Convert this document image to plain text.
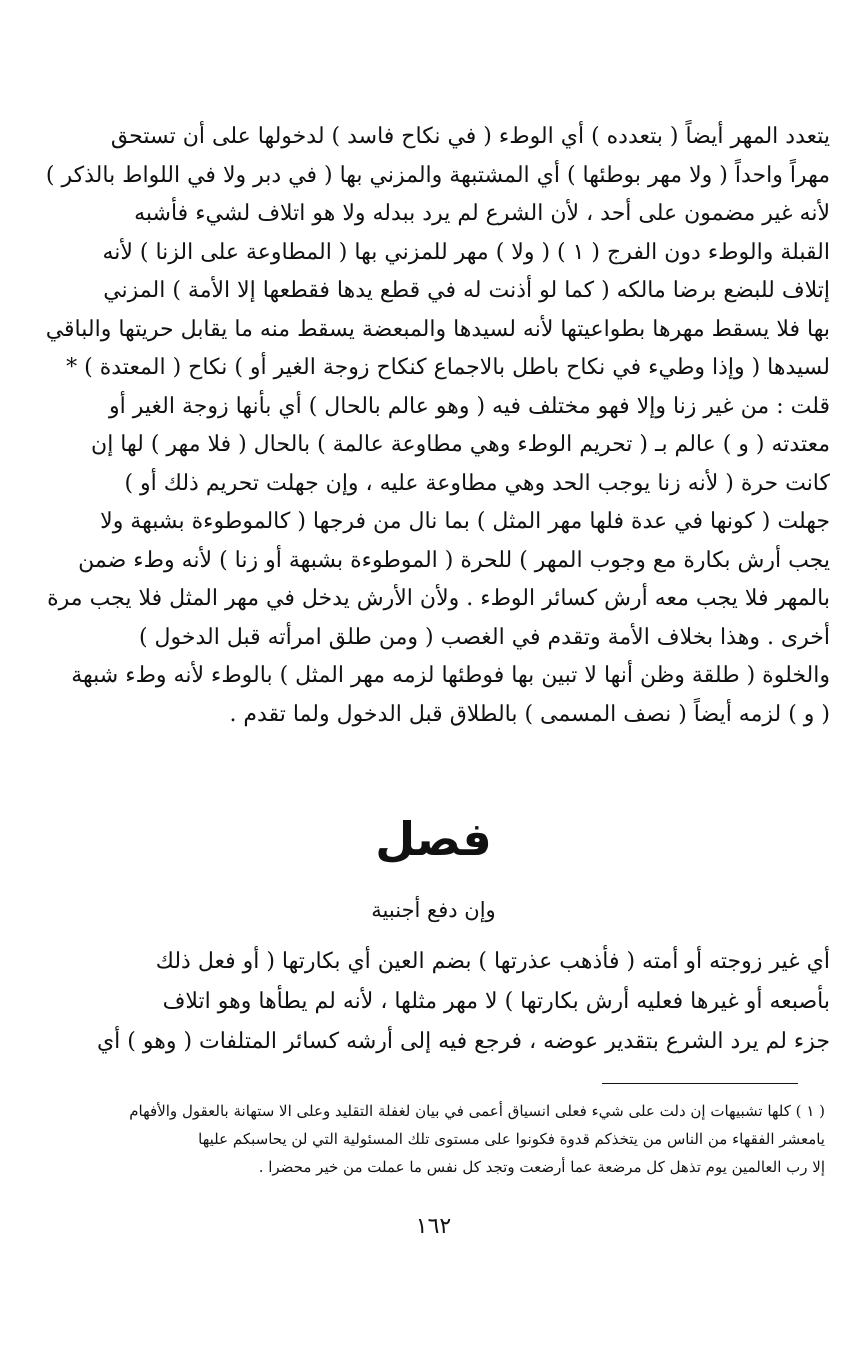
يتعدد المهر أيضاً ( بتعدده ) أي الوطء ( في نكاح فاسد ) لدخولها على أن تستحق
مهراً واحداً ( ولا مهر بوطئها ) أي المشتبهة والمزني بها ( في دبر ولا في اللواط بالذكر )
لأنه غير مضمون على أحد ، لأن الشرع لم يرد ببدله ولا هو اتلاف لشيء فأشبه
القبلة والوطء دون الفرج ( ١ ) ( ولا ) مهر للمزني بها ( المطاوعة على الزنا ) لأنه
إتلاف للبضع برضا مالكه ( كما لو أذنت له في قطع يدها فقطعها إلا الأمة ) المزني
بها فلا يسقط مهرها بطواعيتها لأنه لسيدها والمبعضة يسقط منه ما يقابل حريتها والباقي
لسيدها ( وإذا وطيء في نكاح باطل بالاجماع كنكاح زوجة الغير أو ) نكاح ( المعتدة ) *
قلت : من غير زنا وإلا فهو مختلف فيه ( وهو عالم بالحال ) أي بأنها زوجة الغير أو
معتدته ( و ) عالم بـ ( تحريم الوطء وهي مطاوعة عالمة ) بالحال ( فلا مهر ) لها إن
كانت حرة ( لأنه زنا يوجب الحد وهي مطاوعة عليه ، وإن جهلت تحريم ذلك أو )
جهلت ( كونها في عدة فلها مهر المثل ) بما نال من فرجها ( كالموطوءة بشبهة ولا
يجب أرش بكارة مع وجوب المهر ) للحرة ( الموطوءة بشبهة أو زنا ) لأنه وطء ضمن
بالمهر فلا يجب معه أرش كسائر الوطء . ولأن الأرش يدخل في مهر المثل فلا يجب مرة
أخرى . وهذا بخلاف الأمة وتقدم في الغصب ( ومن طلق امرأته قبل الدخول )
والخلوة ( طلقة وظن أنها لا تبين بها فوطئها لزمه مهر المثل ) بالوطء لأنه وطء شبهة
( و ) لزمه أيضاً ( نصف المسمى ) بالطلاق قبل الدخول ولما تقدم .
فصل
وإن دفع أجنبية
أي غير زوجته أو أمته ( فأذهب عذرتها ) بضم العين أي بكارتها ( أو فعل ذلك
بأصبعه أو غيرها فعليه أرش بكارتها ) لا مهر مثلها ، لأنه لم يطأها وهو اتلاف
جزء لم يرد الشرع بتقدير عوضه ، فرجع فيه إلى أرشه كسائر المتلفات ( وهو ) أي
( ١ ) كلها تشبيهات إن دلت على شيء فعلى انسياق أعمى في بيان لغفلة التقليد وعلى الا ستهانة بالعقول والأفهام
يامعشر الفقهاء من الناس من يتخذكم قدوة فكونوا على مستوى تلك المسئولية التي لن يحاسبكم عليها
إلا رب العالمين يوم تذهل كل مرضعة عما أرضعت وتجد كل نفس ما عملت من خير محضرا .
١٦٢
